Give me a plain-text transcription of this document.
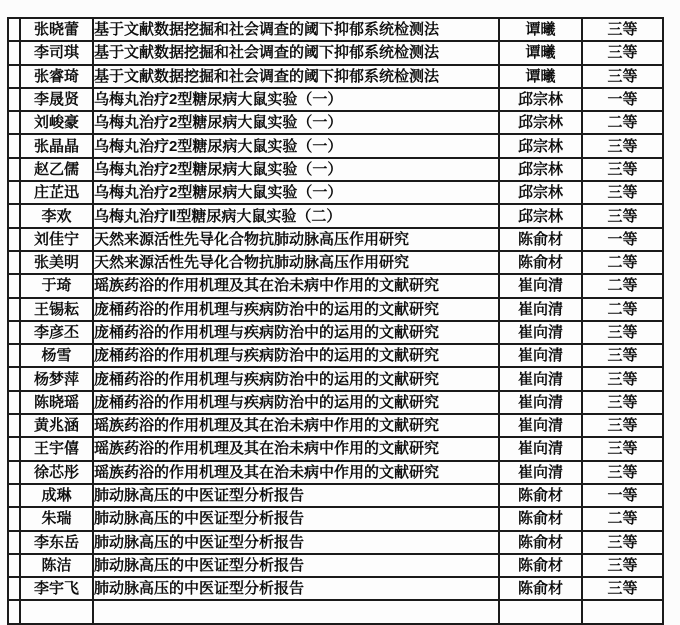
	张晓蕾	基于文献数据挖掘和社会调查的阈下抑郁系统检测法	谭曦	三等
	李司琪	基于文献数据挖掘和社会调查的阈下抑郁系统检测法	谭曦	三等
	张睿琦	基于文献数据挖掘和社会调查的阈下抑郁系统检测法	谭曦	三等
	李晟贤	乌梅丸治疗2型糖尿病大鼠实验（一）	邱宗林	一等
	刘峻豪	乌梅丸治疗2型糖尿病大鼠实验（一）	邱宗林	二等
	张晶晶	乌梅丸治疗2型糖尿病大鼠实验（一）	邱宗林	三等
	赵乙儒	乌梅丸治疗2型糖尿病大鼠实验（一）	邱宗林	三等
	庄芷迅	乌梅丸治疗2型糖尿病大鼠实验（一）	邱宗林	三等
	李欢	乌梅丸治疗Ⅱ型糖尿病大鼠实验（二）	邱宗林	三等
	刘佳宁	天然来源活性先导化合物抗肺动脉高压作用研究	陈俞材	一等
	张美明	天然来源活性先导化合物抗肺动脉高压作用研究	陈俞材	二等
	于琦	瑶族药浴的作用机理及其在治未病中作用的文献研究	崔向清	二等
	王锡耘	庞桶药浴的作用机理与疾病防治中的运用的文献研究	崔向清	二等
	李彦丕	庞桶药浴的作用机理与疾病防治中的运用的文献研究	崔向清	三等
	杨雪	庞桶药浴的作用机理与疾病防治中的运用的文献研究	崔向清	三等
	杨梦萍	庞桶药浴的作用机理与疾病防治中的运用的文献研究	崔向清	三等
	陈晓瑶	庞桶药浴的作用机理与疾病防治中的运用的文献研究	崔向清	三等
	黄兆涵	瑶族药浴的作用机理及其在治未病中作用的文献研究	崔向清	三等
	王宇僖	瑶族药浴的作用机理及其在治未病中作用的文献研究	崔向清	三等
	徐芯彤	瑶族药浴的作用机理及其在治未病中作用的文献研究	崔向清	三等
	成琳	肺动脉高压的中医证型分析报告	陈俞材	一等
	朱瑞	肺动脉高压的中医证型分析报告	陈俞材	二等
	李东岳	肺动脉高压的中医证型分析报告	陈俞材	三等
	陈洁	肺动脉高压的中医证型分析报告	陈俞材	三等
	李宇飞	肺动脉高压的中医证型分析报告	陈俞材	三等
